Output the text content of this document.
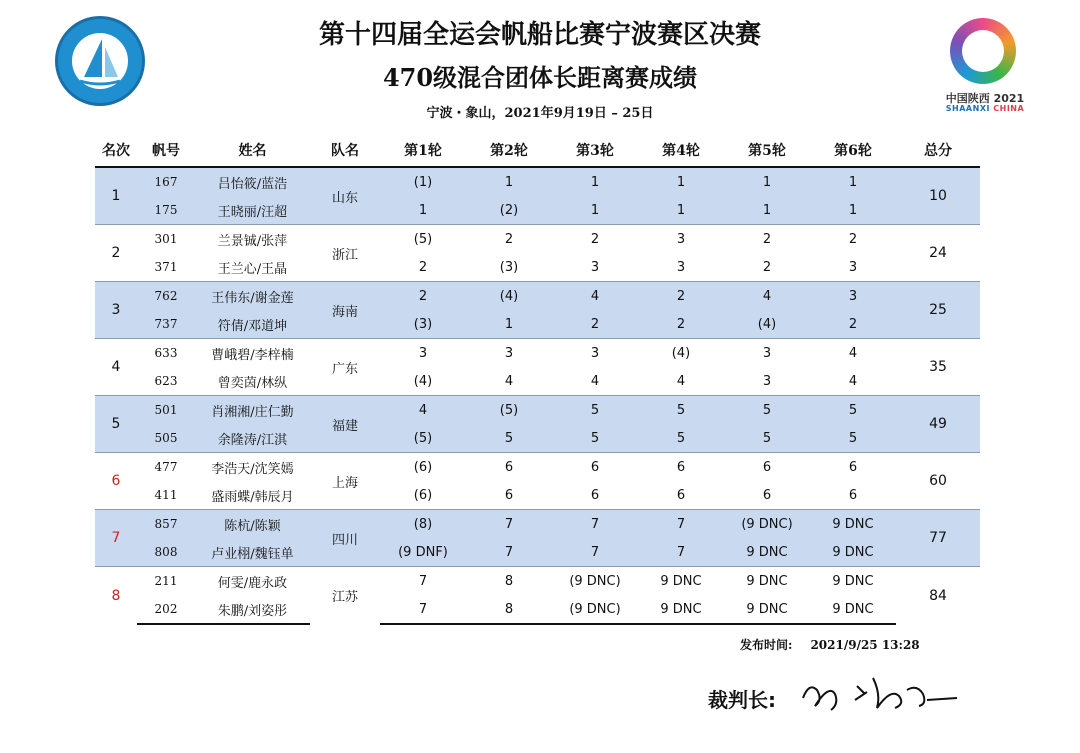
中国陕西 2021
SHAANXI CHINA
第十四届全运会帆船比赛宁波赛区决赛
470级混合团体长距离赛成绩
宁波・象山，2021年9月19日 – 25日
名次	帆号	姓名	队名	第1轮	第2轮	第3轮	第4轮	第5轮	第6轮	总分
1	167	吕怡筱/蓝浩	山东	(1)	1	1	1	1	1	10
	175	王晓丽/汪超		1	(2)	1	1	1	1	
2	301	兰景铖/张萍	浙江	(5)	2	2	3	2	2	24
	371	王兰心/王晶		2	(3)	3	3	2	3	
3	762	王伟东/谢金莲	海南	2	(4)	4	2	4	3	25
	737	符倩/邓道坤		(3)	1	2	2	(4)	2	
4	633	曹峨碧/李梓楠	广东	3	3	3	(4)	3	4	35
	623	曾奕茵/林纵		(4)	4	4	4	3	4	
5	501	肖湘湘/庄仁勤	福建	4	(5)	5	5	5	5	49
	505	余隆涛/江淇		(5)	5	5	5	5	5	
6	477	李浩天/沈笑嫣	上海	(6)	6	6	6	6	6	60
	411	盛雨蝶/韩辰月		(6)	6	6	6	6	6	
7	857	陈杭/陈颖	四川	(8)	7	7	7	(9 DNC)	9 DNC	77
	808	卢业栩/魏钰单		(9 DNF)	7	7	7	9 DNC	9 DNC	
8	211	何雯/鹿永政	江苏	7	8	(9 DNC)	9 DNC	9 DNC	9 DNC	84
	202	朱鹏/刘姿彤		7	8	(9 DNC)	9 DNC	9 DNC	9 DNC	
发布时间: 2021/9/25 13:28
裁判长:
